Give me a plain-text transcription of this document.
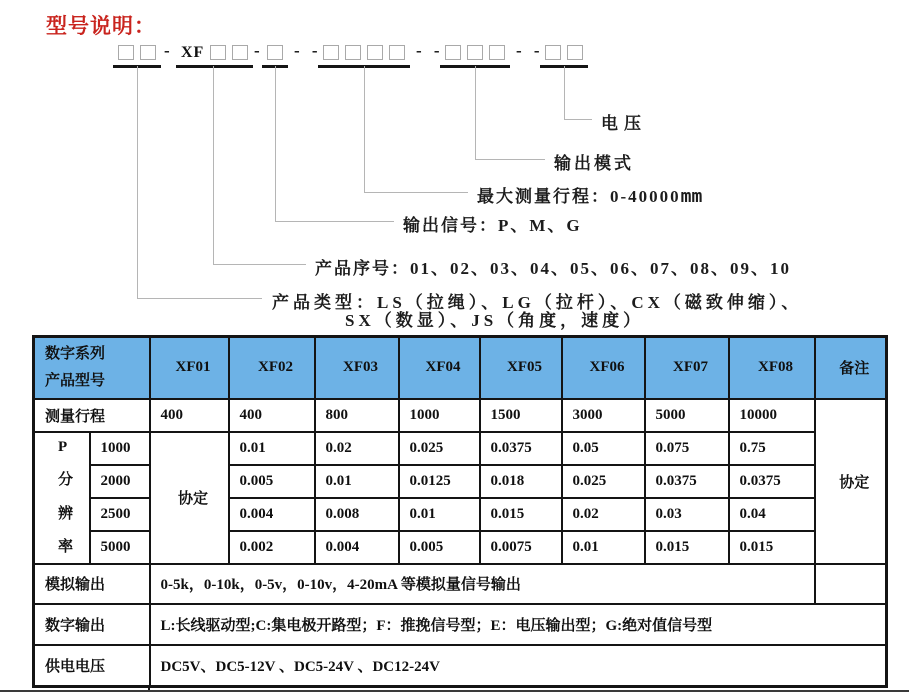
型号说明：
- XF	- - -	- -	- -
电压
输出模式
最大测量行程：0-40000mm
输出信号：P、M、G
产品序号：01、02、03、04、05、06、07、08、09、10
产品类型：LS（拉绳）、LG（拉杆）、CX（磁致伸缩）、
SX（数显）、JS（角度，速度）
数字系列
产品型号		XF01	XF02	XF03	XF04	XF05	XF06	XF07	XF08	备注
测量行程		400	400	800	1000	1500	3000	5000	10000	协定

P
分
辨
率	1000	协定	0.01	0.02	0.025	0.0375	0.05	0.075	0.75	
	2000		0.005	0.01	0.0125	0.018	0.025	0.0375	0.0375	
	2500		0.004	0.008	0.01	0.015	0.02	0.03	0.04	
	5000		0.002	0.004	0.005	0.0075	0.01	0.015	0.015	
模拟输出		0-5k，0-10k，0-5v，0-10v，4-20mA 等模拟量信号输出								
数字输出		L:长线驱动型;C:集电极开路型；F：推挽信号型；E：电压输出型；G:绝对值信号型								
供电电压		DC5V、DC5-12V 、DC5-24V 、DC12-24V								
